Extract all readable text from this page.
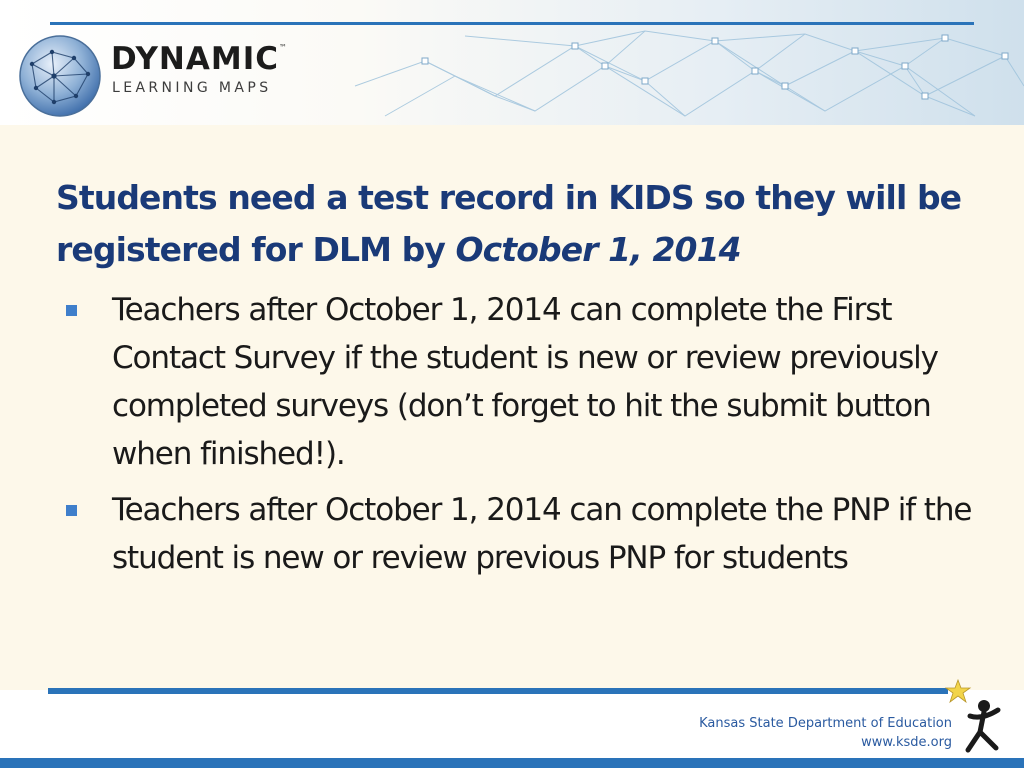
DYNAMIC™
LEARNING MAPS
Students need a test record in KIDS so they will be registered for DLM by October 1, 2014
Teachers after October 1, 2014 can complete the First Contact Survey if the student is new or review previously completed surveys (don’t forget to hit the submit button when finished!).
Teachers after October 1, 2014 can complete the PNP if the student is new or review previous PNP for students
Kansas State Department of Education
www.ksde.org
